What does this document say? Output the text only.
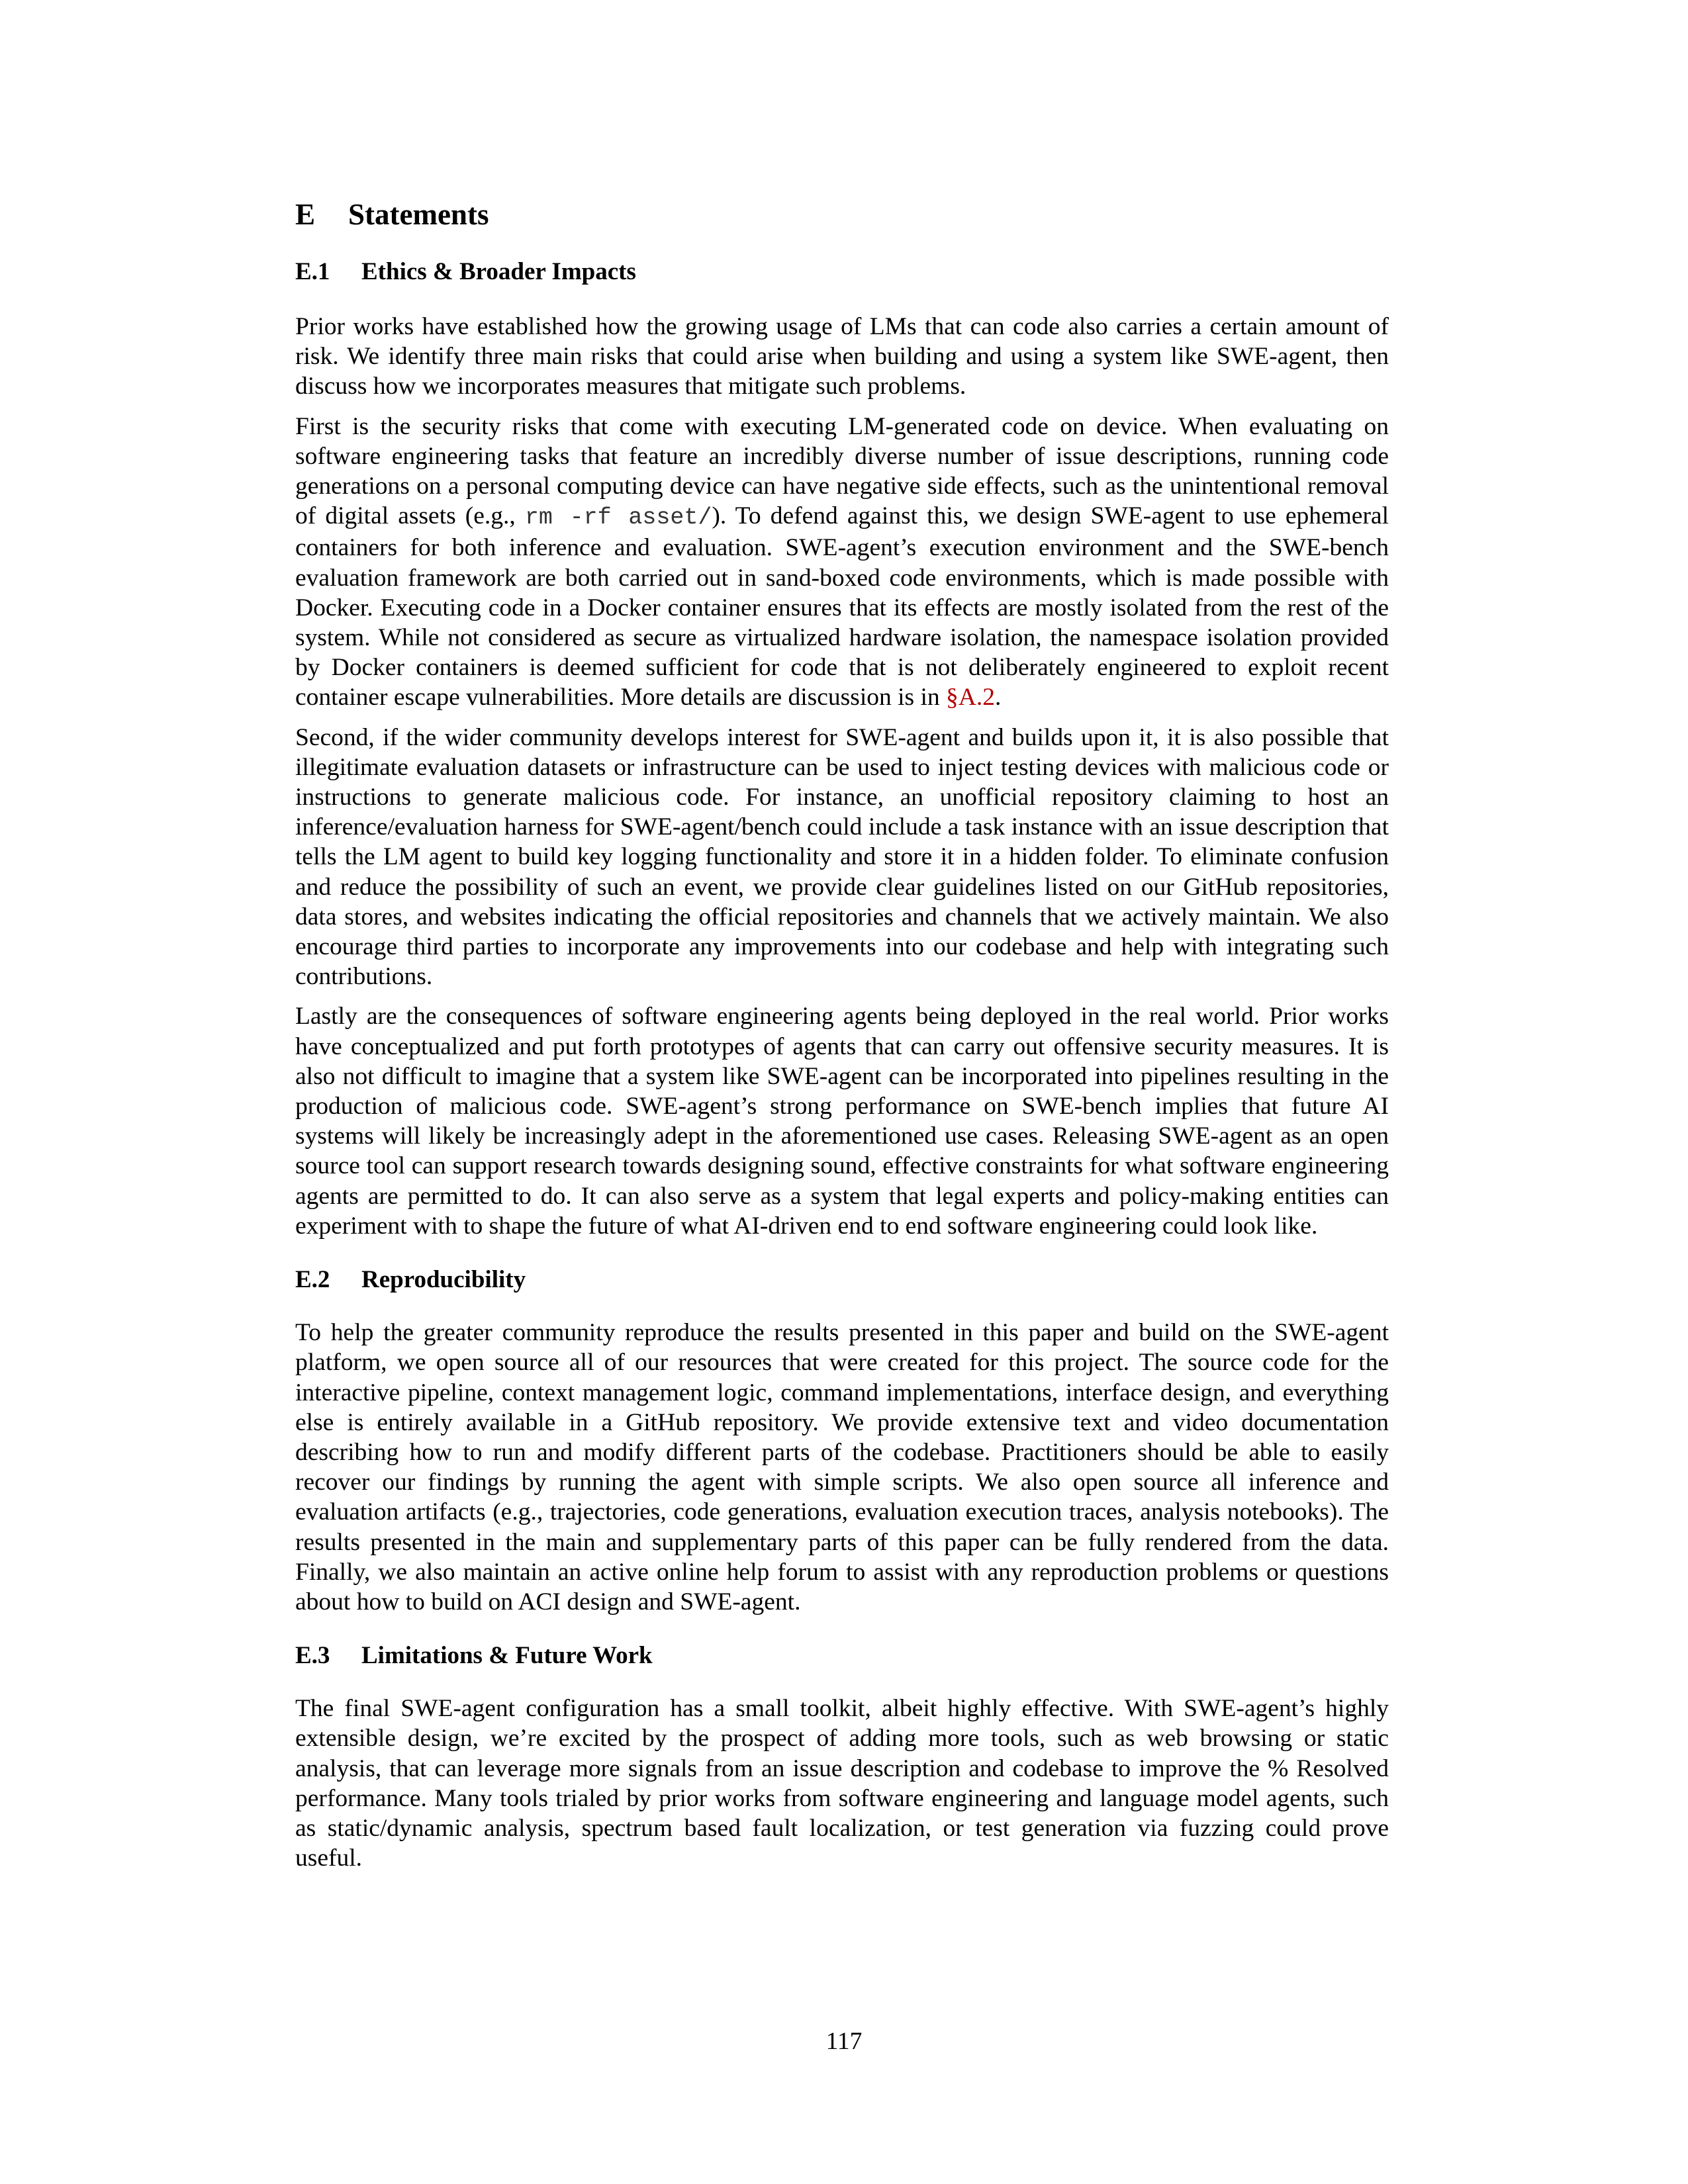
E Statements
E.1 Ethics & Broader Impacts

Prior works have established how the growing usage of LMs that can code also carries a certain amount of risk. We identify three main risks that could arise when building and using a system like SWE-agent, then discuss how we incorporates measures that mitigate such problems.

First is the security risks that come with executing LM-generated code on device. When evaluating on software engineering tasks that feature an incredibly diverse number of issue descriptions, running code generations on a personal computing device can have negative side effects, such as the unintentional removal of digital assets (e.g., rm -rf asset/). To defend against this, we design SWE-agent to use ephemeral containers for both inference and evaluation. SWE-agent’s execution environment and the SWE-bench evaluation framework are both carried out in sand-boxed code environments, which is made possible with Docker. Executing code in a Docker container ensures that its effects are mostly isolated from the rest of the system. While not considered as secure as virtualized hardware isolation, the namespace isolation provided by Docker containers is deemed sufficient for code that is not deliberately engineered to exploit recent container escape vulnerabilities. More details are discussion is in §A.2.

Second, if the wider community develops interest for SWE-agent and builds upon it, it is also possible that illegitimate evaluation datasets or infrastructure can be used to inject testing devices with malicious code or instructions to generate malicious code. For instance, an unofficial repository claiming to host an inference/evaluation harness for SWE-agent/bench could include a task instance with an issue description that tells the LM agent to build key logging functionality and store it in a hidden folder. To eliminate confusion and reduce the possibility of such an event, we provide clear guidelines listed on our GitHub repositories, data stores, and websites indicating the official repositories and channels that we actively maintain. We also encourage third parties to incorporate any improvements into our codebase and help with integrating such contributions.

Lastly are the consequences of software engineering agents being deployed in the real world. Prior works have conceptualized and put forth prototypes of agents that can carry out offensive security measures. It is also not difficult to imagine that a system like SWE-agent can be incorporated into pipelines resulting in the production of malicious code. SWE-agent’s strong performance on SWE-bench implies that future AI systems will likely be increasingly adept in the aforementioned use cases. Releasing SWE-agent as an open source tool can support research towards designing sound, effective constraints for what software engineering agents are permitted to do. It can also serve as a system that legal experts and policy-making entities can experiment with to shape the future of what AI-driven end to end software engineering could look like.

E.2 Reproducibility

To help the greater community reproduce the results presented in this paper and build on the SWE-agent platform, we open source all of our resources that were created for this project. The source code for the interactive pipeline, context management logic, command implementations, interface design, and everything else is entirely available in a GitHub repository. We provide extensive text and video documentation describing how to run and modify different parts of the codebase. Practitioners should be able to easily recover our findings by running the agent with simple scripts. We also open source all inference and evaluation artifacts (e.g., trajectories, code generations, evaluation execution traces, analysis notebooks). The results presented in the main and supplementary parts of this paper can be fully rendered from the data. Finally, we also maintain an active online help forum to assist with any reproduction problems or questions about how to build on ACI design and SWE-agent.

E.3 Limitations & Future Work

The final SWE-agent configuration has a small toolkit, albeit highly effective. With SWE-agent’s highly extensible design, we’re excited by the prospect of adding more tools, such as web browsing or static analysis, that can leverage more signals from an issue description and codebase to improve the % Resolved performance. Many tools trialed by prior works from software engineering and language model agents, such as static/dynamic analysis, spectrum based fault localization, or test generation via fuzzing could prove useful.

117
